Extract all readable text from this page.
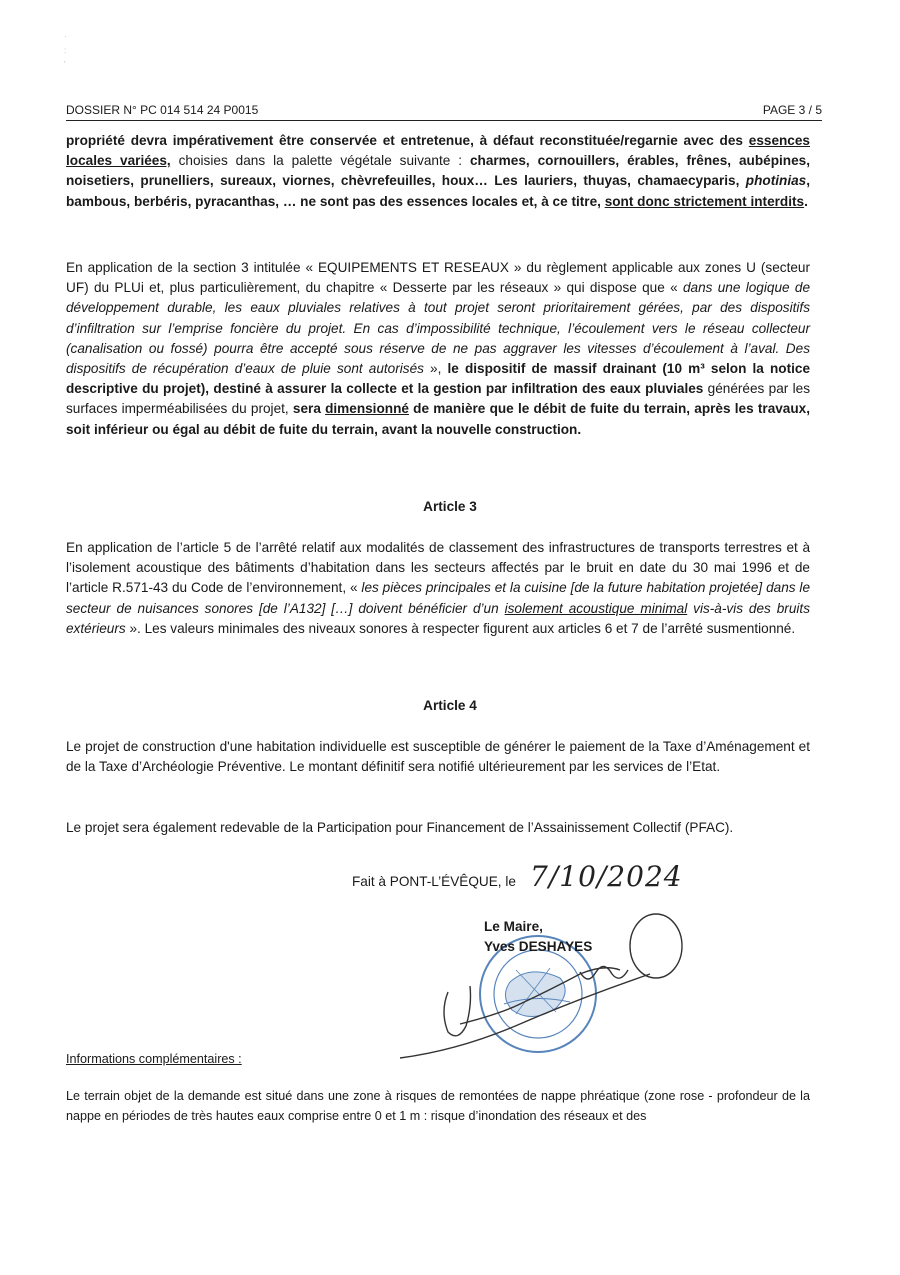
·
:
'
DOSSIER N° PC 014 514 24 P0015	PAGE 3 / 5

propriété devra impérativement être conservée et entretenue, à défaut reconstituée/regarnie avec des essences locales variées, choisies dans la palette végétale suivante : charmes, cornouillers, érables, frênes, aubépines, noisetiers, prunelliers, sureaux, viornes, chèvrefeuilles, houx… Les lauriers, thuyas, chamaecyparis, photinias, bambous, berbéris, pyracanthas, … ne sont pas des essences locales et, à ce titre, sont donc strictement interdits.

En application de la section 3 intitulée « EQUIPEMENTS ET RESEAUX » du règlement applicable aux zones U (secteur UF) du PLUi et, plus particulièrement, du chapitre « Desserte par les réseaux » qui dispose que « dans une logique de développement durable, les eaux pluviales relatives à tout projet seront prioritairement gérées, par des dispositifs d’infiltration sur l’emprise foncière du projet. En cas d’impossibilité technique, l’écoulement vers le réseau collecteur (canalisation ou fossé) pourra être accepté sous réserve de ne pas aggraver les vitesses d’écoulement à l’aval. Des dispositifs de récupération d’eaux de pluie sont autorisés », le dispositif de massif drainant (10 m³ selon la notice descriptive du projet), destiné à assurer la collecte et la gestion par infiltration des eaux pluviales générées par les surfaces imperméabilisées du projet, sera dimensionné de manière que le débit de fuite du terrain, après les travaux, soit inférieur ou égal au débit de fuite du terrain, avant la nouvelle construction.

Article 3

En application de l’article 5 de l’arrêté relatif aux modalités de classement des infrastructures de transports terrestres et à l’isolement acoustique des bâtiments d’habitation dans les secteurs affectés par le bruit en date du 30 mai 1996 et de l’article R.571-43 du Code de l’environnement, « les pièces principales et la cuisine [de la future habitation projetée] dans le secteur de nuisances sonores [de l’A132] […] doivent bénéficier d’un isolement acoustique minimal vis-à-vis des bruits extérieurs ». Les valeurs minimales des niveaux sonores à respecter figurent aux articles 6 et 7 de l’arrêté susmentionné.

Article 4

Le projet de construction d'une habitation individuelle est susceptible de générer le paiement de la Taxe d’Aménagement et de la Taxe d’Archéologie Préventive. Le montant définitif sera notifié ultérieurement par les services de l’Etat.

Le projet sera également redevable de la Participation pour Financement de l’Assainissement Collectif (PFAC).

Fait à PONT-L’ÉVÊQUE, le 7/10/2024
Le Maire,
Yves DESHAYES
Informations complémentaires :

Le terrain objet de la demande est situé dans une zone à risques de remontées de nappe phréatique (zone rose - profondeur de la nappe en périodes de très hautes eaux comprise entre 0 et 1 m : risque d’inondation des réseaux et des
